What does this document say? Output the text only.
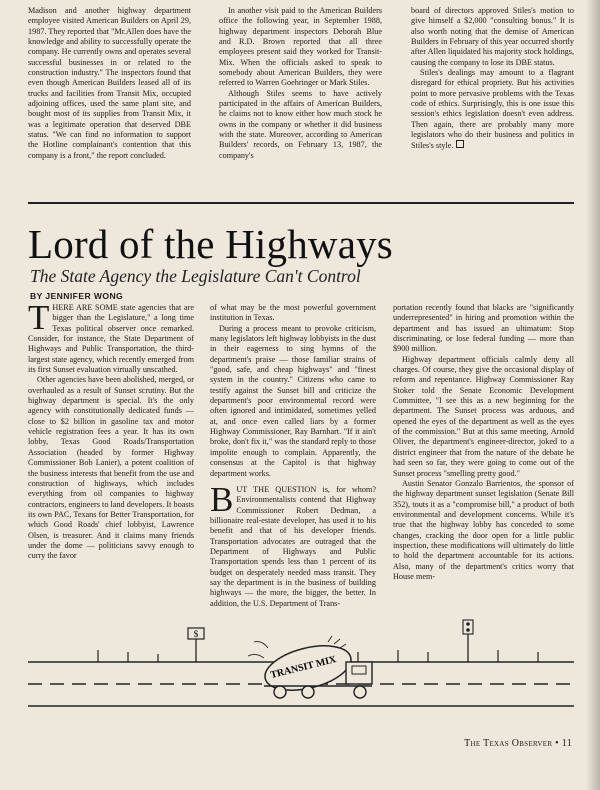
Madison and another highway department employee visited American Builders on April 29, 1987. They reported that "Mr.Allen does have the knowledge and ability to successfully operate the company. He currently owns and operates several successful businesses in or related to the construction industry." The inspectors found that even though American Builders leased all of its trucks and facilities from Transit Mix, occupied adjoining offices, used the same plant site, and bought most of its supplies from Transit Mix, it was a legitimate operation that deserved DBE status. "We can find no information to support the Hotline complainant's contention that this company is a front," the report concluded.

In another visit paid to the American Builders office the following year, in September 1988, highway department inspectors Deborah Blue and R.D. Brown reported that all three employees present said they worked for Transit-Mix. When the officials asked to speak to somebody about American Builders, they were referred to Warren Goehringer or Mark Stiles.

Although Stiles seems to have actively participated in the affairs of American Builders, he claims not to know either how much stock he owns in the company or whether it did business with the state. Moreover, according to American Builders' records, on February 13, 1987, the company's

board of directors approved Stiles's motion to give himself a $2,000 "consulting bonus." It is also worth noting that the demise of American Builders in February of this year occurred shortly after Allen liquidated his majority stock holdings, causing the company to lose its DBE status.

Stiles's dealings may amount to a flagrant disregard for ethical propriety. But his activities point to more pervasive problems with the Texas code of ethics. Surprisingly, this is one issue this session's ethics legislation doesn't even address. Then again, there are probably many more legislators who do their business and politics in Stiles's style.

Lord of the Highways
The State Agency the Legislature Can't Control
BY JENNIFER WONG

THERE ARE SOME state agencies that are bigger than the Legislature," a long time Texas political observer once remarked. Consider, for instance, the State Department of Highways and Public Transportation, the third-largest state agency, which recently emerged from its first Sunset evaluation virtually unscathed.

Other agencies have been abolished, merged, or overhauled as a result of Sunset scrutiny. But the highway department is special. It's the only agency with constitutionally dedicated funds — close to $2 billion in gasoline tax and motor vehicle registration fees a year. It has its own lobby, Texas Good Roads/Transportation Association (headed by former Highway Commissioner Bob Lanier), a potent coalition of the business interests that benefit from the use and construction of highways, which includes everything from oil companies to highway contractors, engineers to land developers. It boasts its own PAC, Texans for Better Transportation, for which Good Roads' chief lobbyist, Lawrence Olsen, is treasurer. And it claims many friends under the dome — politicians savvy enough to curry the favor

of what may be the most powerful government institution in Texas.

During a process meant to provoke criticism, many legislators left highway lobbyists in the dust in their eagerness to sing hymns of the department's praise — those familiar strains of "good, safe, and cheap highways" and "finest system in the country." Citizens who came to testify against the Sunset bill and criticize the department's poor environmental record were often ignored and intimidated, sometimes yelled at, and once even called liars by a former Highway Commissioner, Ray Barnhart. "If it ain't broke, don't fix it," was the standard reply to those impolite enough to complain. Apparently, the consensus at the Capitol is that highway department works.

BUT THE QUESTION is, for whom? Environmentalists contend that Highway Commissioner Robert Dedman, a billionaire real-estate developer, has used it to his benefit and that of his developer friends. Transportation advocates are outraged that the Department of Highways and Public Transportation spends less than 1 percent of its budget on desperately needed mass transit. They say the department is in the business of building highways — the more, the bigger, the better. In addition, the U.S. Department of Trans-

portation recently found that blacks are "significantly underrepresented" in hiring and promotion within the department and has issued an ultimatum: Stop discriminating, or lose federal funding — more than $900 million.

Highway department officials calmly deny all charges. Of course, they give the occasional display of reform and repentance. Highway Commissioner Ray Stoker told the Senate Economic Development Committee, "I see this as a new beginning for the department. The Sunset process was arduous, and opened the eyes of the department as well as the eyes of the commission." But at this same meeting, Arnold Oliver, the department's engineer-director, joked to a district engineer that from the nature of the debate he had seen so far, they were going to come out of the Sunset process "smelling pretty good."

Austin Senator Gonzalo Barrientos, the sponsor of the highway department sunset legislation (Senate Bill 352), touts it as a "compromise bill," a product of both environmental and development concerns. While it's true that the highway lobby has conceded to some changes, cracking the door open for a little public inspection, these modifications will ultimately do little to hold the department accountable for its actions. Also, many of the department's critics worry that House mem-

$
TRANSIT MIX
The Texas Observer • 11
